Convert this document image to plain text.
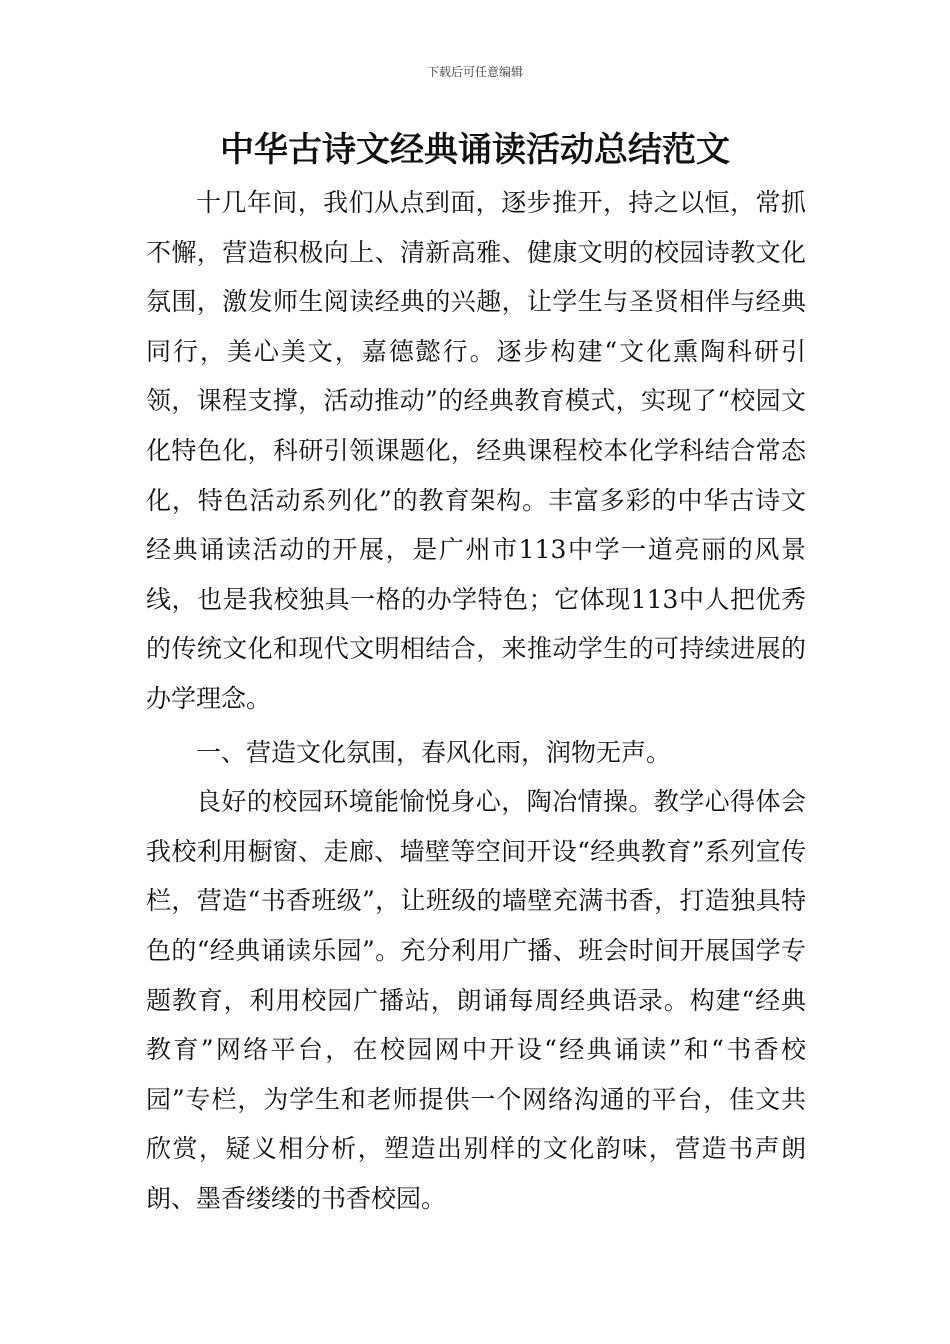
下载后可任意编辑
中华古诗文经典诵读活动总结范文

十几年间，我们从点到面，逐步推开，持之以恒，常抓不懈，营造积极向上、清新高雅、健康文明的校园诗教文化氛围，激发师生阅读经典的兴趣，让学生与圣贤相伴与经典同行，美心美文，嘉德懿行。逐步构建“文化熏陶科研引领，课程支撑，活动推动”的经典教育模式，实现了“校园文化特色化，科研引领课题化，经典课程校本化学科结合常态化，特色活动系列化”的教育架构。丰富多彩的中华古诗文经典诵读活动的开展，是广州市113中学一道亮丽的风景线，也是我校独具一格的办学特色；它体现113中人把优秀的传统文化和现代文明相结合，来推动学生的可持续进展的办学理念。

一、营造文化氛围，春风化雨，润物无声。

良好的校园环境能愉悦身心，陶冶情操。教学心得体会我校利用橱窗、走廊、墙壁等空间开设“经典教育”系列宣传栏，营造“书香班级”，让班级的墙壁充满书香，打造独具特色的“经典诵读乐园”。充分利用广播、班会时间开展国学专题教育，利用校园广播站，朗诵每周经典语录。构建“经典教育”网络平台，在校园网中开设“经典诵读”和“书香校园”专栏，为学生和老师提供一个网络沟通的平台，佳文共欣赏，疑义相分析，塑造出别样的文化韵味，营造书声朗朗、墨香缕缕的书香校园。
